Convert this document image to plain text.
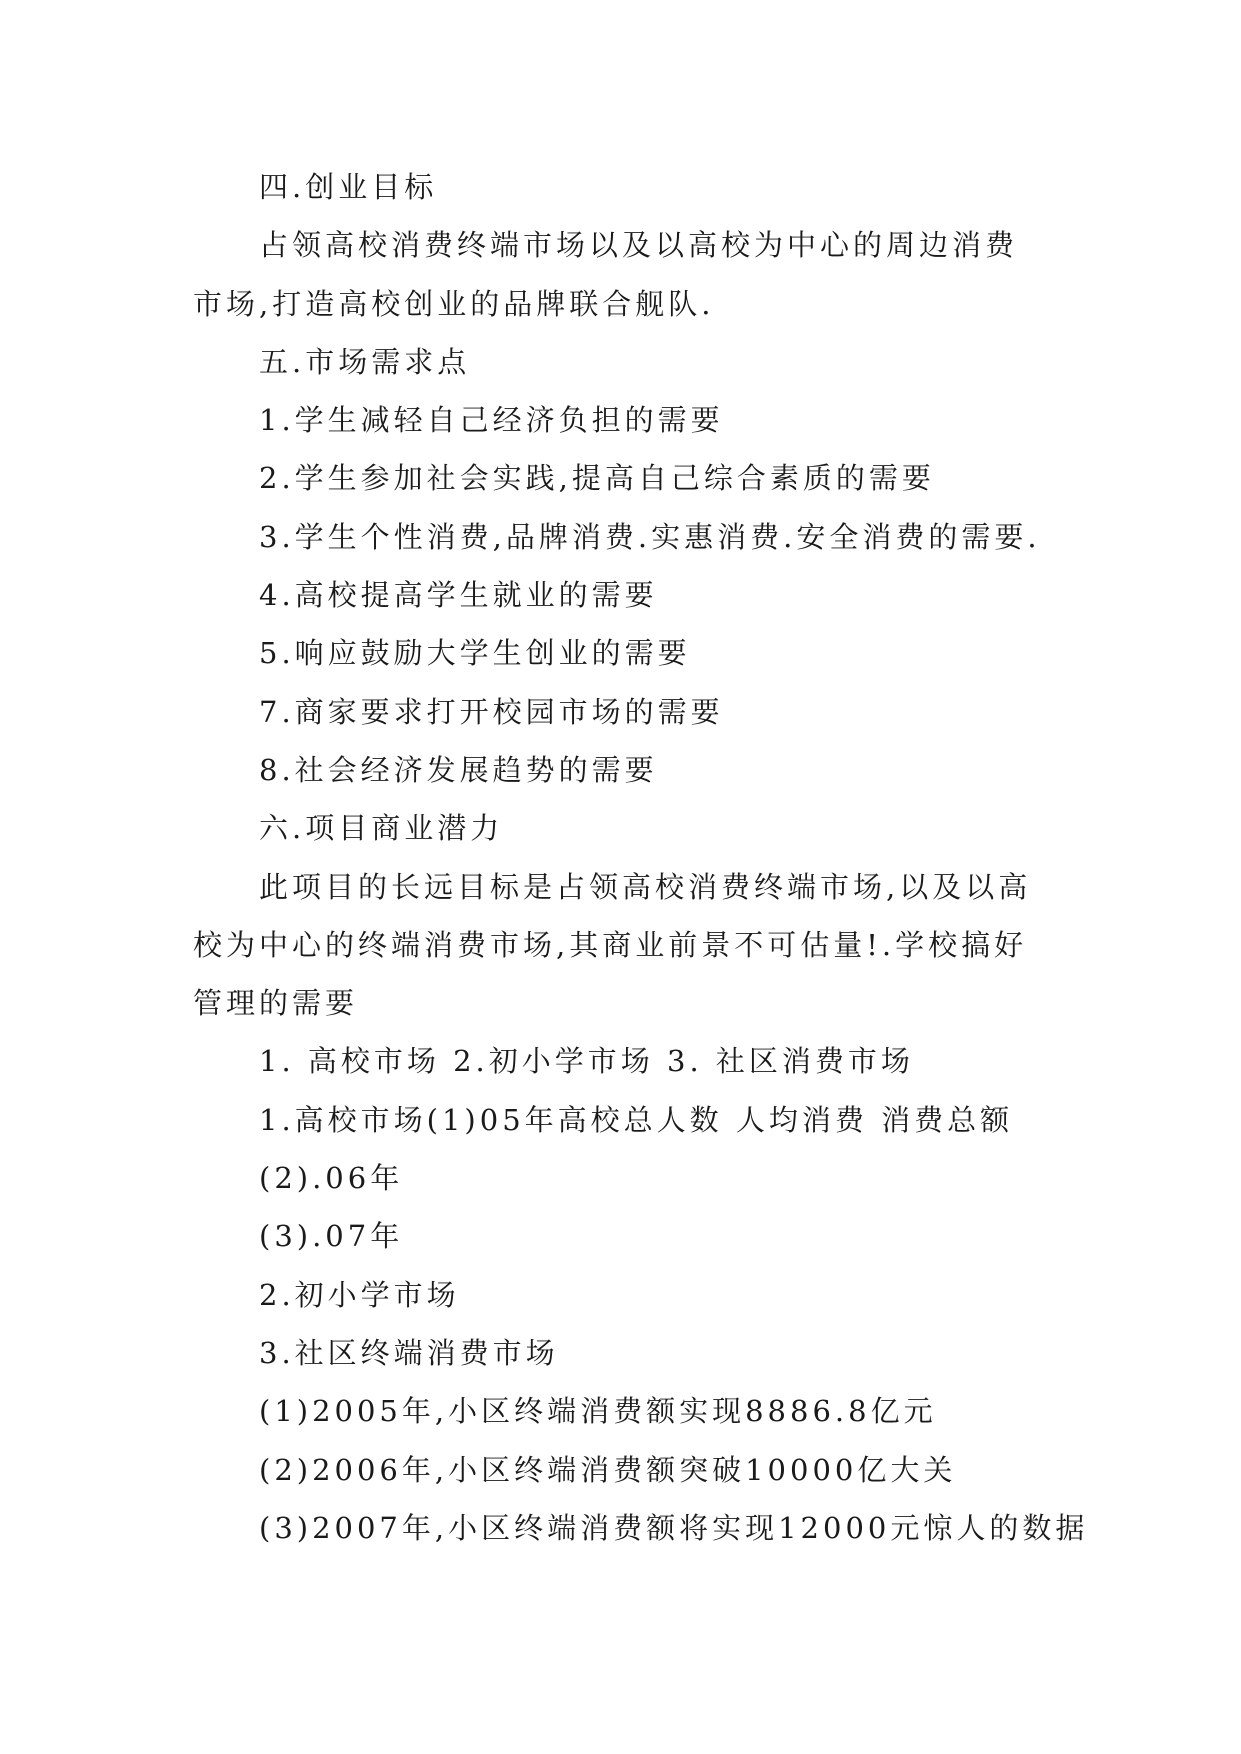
四.创业目标

占领高校消费终端市场以及以高校为中心的周边消费

市场,打造高校创业的品牌联合舰队.

五.市场需求点

1.学生减轻自己经济负担的需要

2.学生参加社会实践,提高自己综合素质的需要

3.学生个性消费,品牌消费.实惠消费.安全消费的需要.

4.高校提高学生就业的需要

5.响应鼓励大学生创业的需要

7.商家要求打开校园市场的需要

8.社会经济发展趋势的需要

六.项目商业潜力

此项目的长远目标是占领高校消费终端市场,以及以高

校为中心的终端消费市场,其商业前景不可估量!.学校搞好

管理的需要

1. 高校市场 2.初小学市场 3. 社区消费市场

1.高校市场(1)05年高校总人数 人均消费 消费总额

(2).06年

(3).07年

2.初小学市场

3.社区终端消费市场

(1)2005年,小区终端消费额实现8886.8亿元

(2)2006年,小区终端消费额突破10000亿大关

(3)2007年,小区终端消费额将实现12000元惊人的数据
